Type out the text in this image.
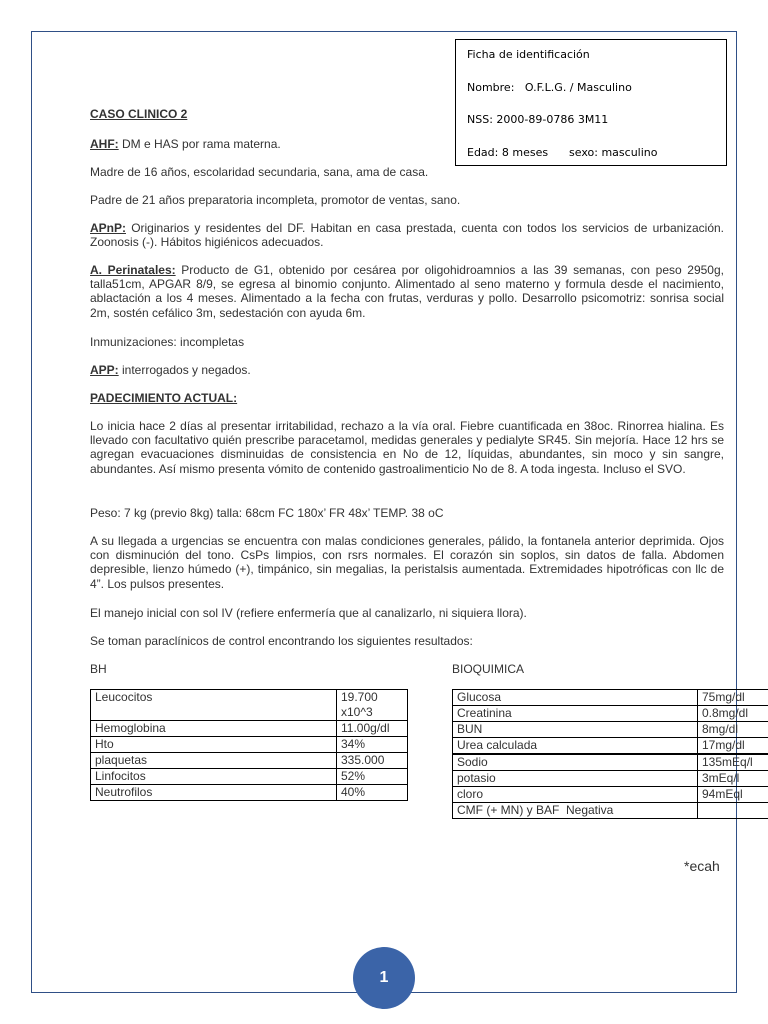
Ficha de identificación
Nombre:   O.F.L.G. / Masculino
NSS: 2000-89-0786 3M11
Edad: 8 meses      sexo: masculino

CASO CLINICO 2

AHF: DM e HAS por rama materna.

Madre de 16 años, escolaridad secundaria, sana, ama de casa.

Padre de 21 años preparatoria incompleta, promotor de ventas, sano.

APnP: Originarios y residentes del DF. Habitan en casa prestada, cuenta con todos los servicios de urbanización. Zoonosis (-). Hábitos higiénicos adecuados.

A. Perinatales: Producto de G1, obtenido por cesárea por oligohidroamnios a las 39 semanas, con peso 2950g, talla51cm, APGAR 8/9, se egresa al binomio conjunto. Alimentado al seno materno y formula desde el nacimiento, ablactación a los 4 meses. Alimentado a la fecha con frutas, verduras y pollo. Desarrollo psicomotriz: sonrisa social 2m, sostén cefálico 3m, sedestación con ayuda 6m.

Inmunizaciones: incompletas

APP: interrogados y negados.

PADECIMIENTO ACTUAL:

Lo inicia hace 2 días al presentar irritabilidad, rechazo a la vía oral. Fiebre cuantificada en 38oc. Rinorrea hialina. Es llevado con facultativo quién prescribe paracetamol, medidas generales y pedialyte SR45. Sin mejoría. Hace 12 hrs se agregan evacuaciones disminuidas de consistencia en No de 12, líquidas, abundantes, sin moco y sin sangre, abundantes. Así mismo presenta vómito de contenido gastroalimenticio No de 8. A toda ingesta. Incluso el SVO.

Peso: 7 kg (previo 8kg) talla: 68cm FC 180x’ FR 48x’ TEMP. 38 oC

A su llegada a urgencias se encuentra con malas condiciones generales, pálido, la fontanela anterior deprimida. Ojos con disminución del tono. CsPs limpios, con rsrs normales. El corazón sin soplos, sin datos de falla. Abdomen depresible, lienzo húmedo (+), timpánico, sin megalias, la peristalsis aumentada. Extremidades hipotróficas con llc de 4”. Los pulsos presentes.

El manejo inicial con sol IV (refiere enfermería que al canalizarlo, ni siquiera llora).

Se toman paraclínicos de control encontrando los siguientes resultados:

BH	BIOQUIMICA
Leucocitos	19.700
x10^3
Hemoglobina	11.00g/dl
Hto	34%
plaquetas	335.000
Linfocitos	52%
Neutrofilos	40%
Glucosa	75mg/dl
Creatinina	0.8mg/dl
BUN	8mg/dl
Urea calculada	17mg/dl

Sodio	135mEq/l
potasio	3mEq/l
cloro	94mEql
CMF (+ MN) y BAF  Negativa	
*ecah
1
